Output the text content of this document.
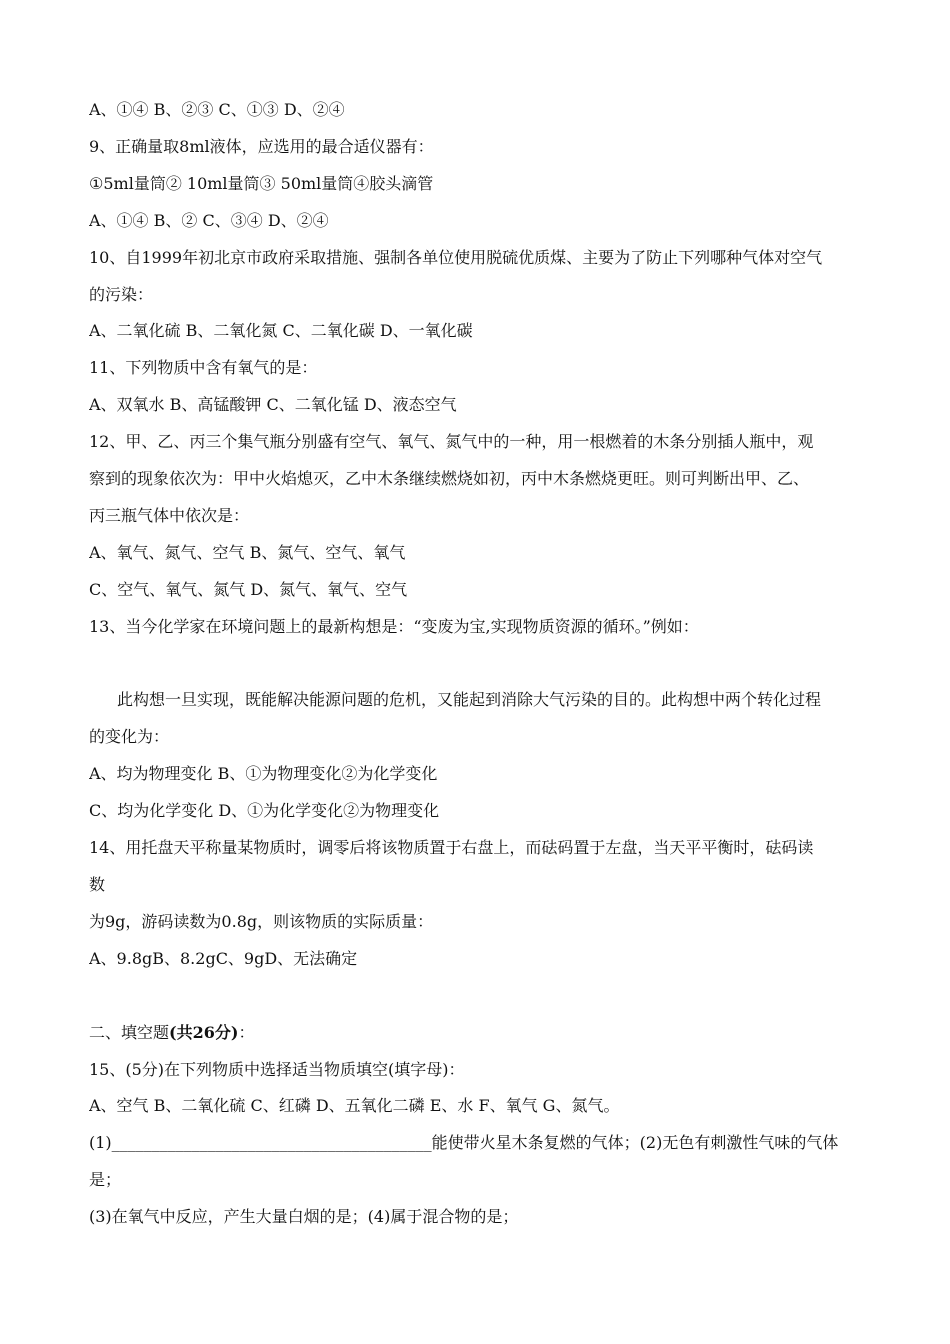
A、①④ B、②③ C、①③ D、②④
9、正确量取8ml液体，应选用的最合适仪器有：
①5ml量筒② 10ml量筒③ 50ml量筒④胶头滴管
A、①④ B、② C、③④ D、②④
10、自1999年初北京市政府采取措施、强制各单位使用脱硫优质煤、主要为了防止下列哪种气体对空气
的污染：
A、二氧化硫 B、二氧化氮 C、二氧化碳 D、一氧化碳
11、下列物质中含有氧气的是：
A、双氧水 B、高锰酸钾 C、二氧化锰 D、液态空气
12、甲、乙、丙三个集气瓶分别盛有空气、氧气、氮气中的一种，用一根燃着的木条分别插人瓶中，观
察到的现象依次为：甲中火焰熄灭，乙中木条继续燃烧如初，丙中木条燃烧更旺。则可判断出甲、乙、
丙三瓶气体中依次是：
A、氧气、氮气、空气 B、氮气、空气、氧气
C、空气、氧气、氮气 D、氮气、氧气、空气
13、当今化学家在环境问题上的最新构想是：“变废为宝,实现物质资源的循环。”例如：
此构想一旦实现，既能解决能源问题的危机，又能起到消除大气污染的目的。此构想中两个转化过程
的变化为：
A、均为物理变化 B、①为物理变化②为化学变化
C、均为化学变化 D、①为化学变化②为物理变化
14、用托盘天平称量某物质时，调零后将该物质置于右盘上，而砝码置于左盘，当天平平衡时，砝码读
数
为9g，游码读数为0.8g，则该物质的实际质量：
A、9.8gB、8.2gC、9gD、无法确定
二、填空题(共26分)：
15、(5分)在下列物质中选择适当物质填空(填字母)：
A、空气 B、二氧化硫 C、红磷 D、五氧化二磷 E、水 F、氧气 G、氮气。
(1)________________________________________能使带火星木条复燃的气体；(2)无色有刺激性气味的气体
是；
(3)在氧气中反应，产生大量白烟的是；(4)属于混合物的是；
